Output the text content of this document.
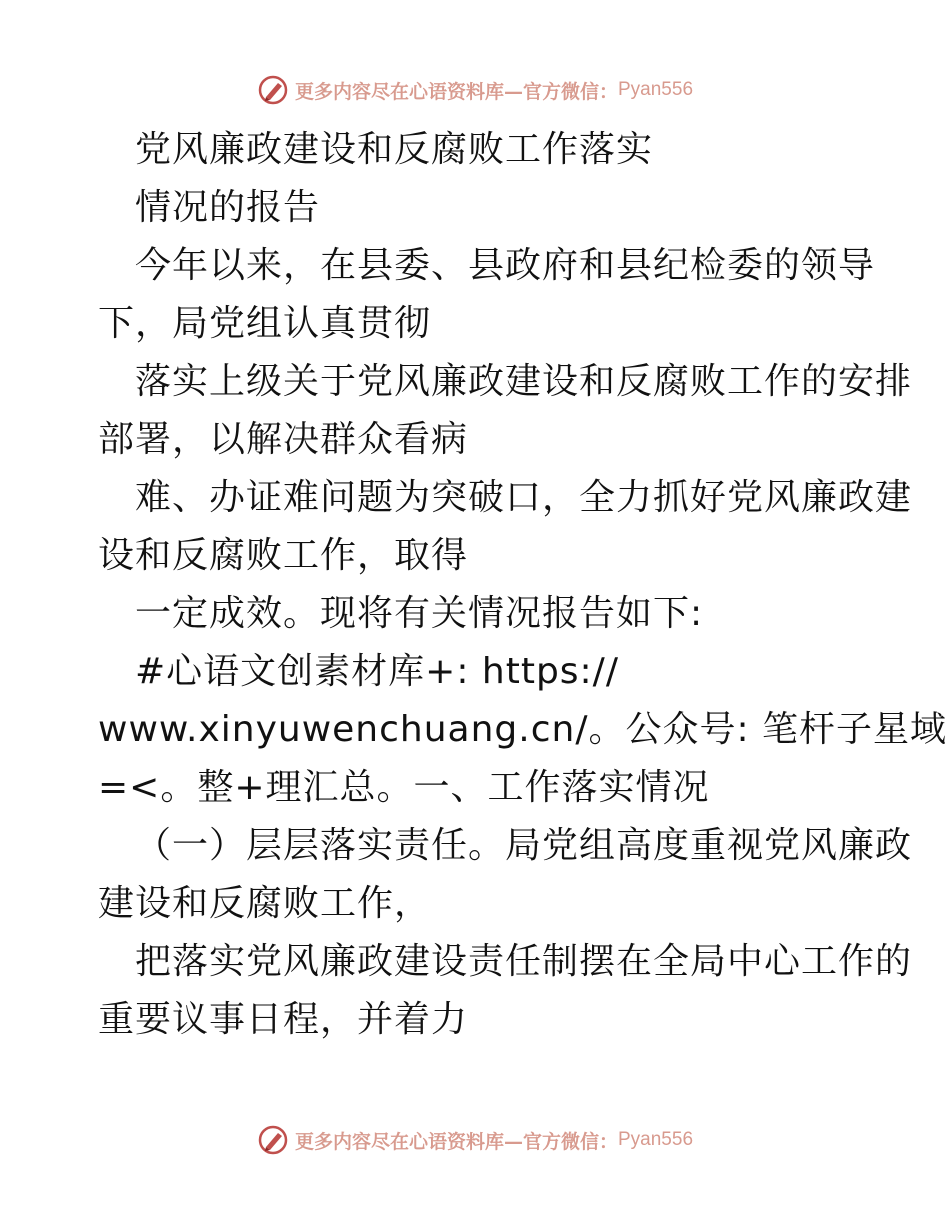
更多内容尽在心语资料库—官方微信： Pyan556
党风廉政建设和反腐败工作落实
情况的报告
今年以来，在县委、县政府和县纪检委的领导
下，局党组认真贯彻
落实上级关于党风廉政建设和反腐败工作的安排
部署，以解决群众看病
难、办证难问题为突破口，全力抓好党风廉政建
设和反腐败工作，取得
一定成效。现将有关情况报告如下:
#心语文创素材库+: https://
www.xinyuwenchuang.cn/。公众号: 笔杆子星域
=<。整+理汇总。一、工作落实情况
（一）层层落实责任。局党组高度重视党风廉政
建设和反腐败工作，
把落实党风廉政建设责任制摆在全局中心工作的
重要议事日程，并着力
更多内容尽在心语资料库—官方微信： Pyan556
